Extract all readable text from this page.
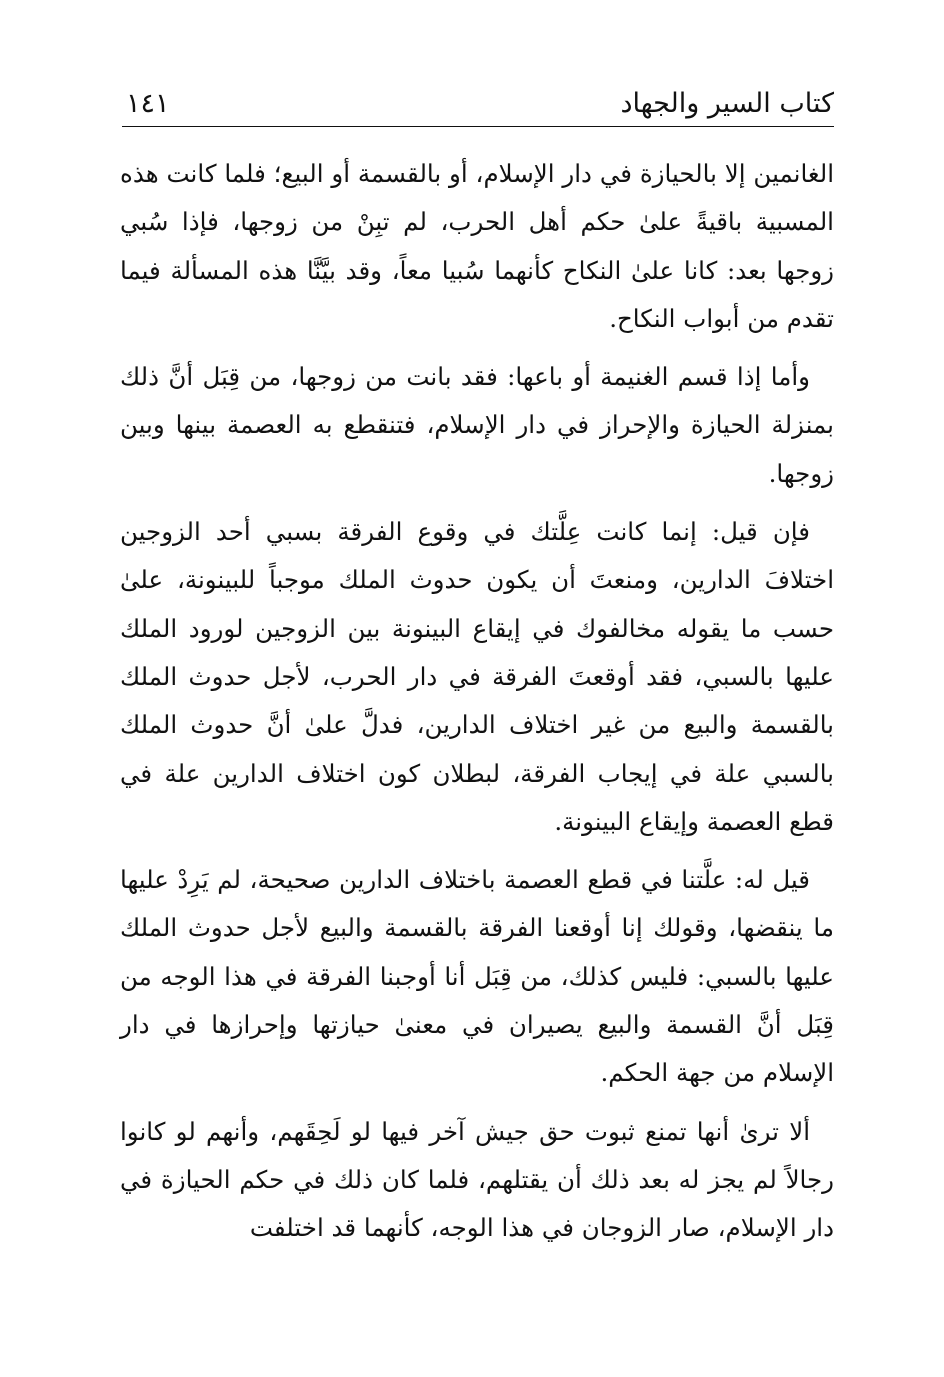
كتاب السير والجهاد
١٤١

الغانمين إلا بالحيازة في دار الإسلام، أو بالقسمة أو البيع؛ فلما كانت هذه المسبية باقيةً علىٰ حكم أهل الحرب، لم تبِنْ من زوجها، فإذا سُبي زوجها بعد: كانا علىٰ النكاح كأنهما سُبيا معاً، وقد بيَّنَّا هذه المسألة فيما تقدم من أبواب النكاح.

وأما إذا قسم الغنيمة أو باعها: فقد بانت من زوجها، من قِبَل أنَّ ذلك بمنزلة الحيازة والإحراز في دار الإسلام، فتنقطع به العصمة بينها وبين زوجها.

فإن قيل: إنما كانت عِلَّتك في وقوع الفرقة بسبي أحد الزوجين اختلافَ الدارين، ومنعتَ أن يكون حدوث الملك موجباً للبينونة، علىٰ حسب ما يقوله مخالفوك في إيقاع البينونة بين الزوجين لورود الملك عليها بالسبي، فقد أوقعتَ الفرقة في دار الحرب، لأجل حدوث الملك بالقسمة والبيع من غير اختلاف الدارين، فدلَّ علىٰ أنَّ حدوث الملك بالسبي علة في إيجاب الفرقة، لبطلان كون اختلاف الدارين علة في قطع العصمة وإيقاع البينونة.

قيل له: علَّتنا في قطع العصمة باختلاف الدارين صحيحة، لم يَرِدْ عليها ما ينقضها، وقولك إنا أوقعنا الفرقة بالقسمة والبيع لأجل حدوث الملك عليها بالسبي: فليس كذلك، من قِبَل أنا أوجبنا الفرقة في هذا الوجه من قِبَل أنَّ القسمة والبيع يصيران في معنىٰ حيازتها وإحرازها في دار الإسلام من جهة الحكم.

ألا ترىٰ أنها تمنع ثبوت حق جيش آخر فيها لو لَحِقَهم، وأنهم لو كانوا رجالاً لم يجز له بعد ذلك أن يقتلهم، فلما كان ذلك في حكم الحيازة في دار الإسلام، صار الزوجان في هذا الوجه، كأنهما قد اختلفت
